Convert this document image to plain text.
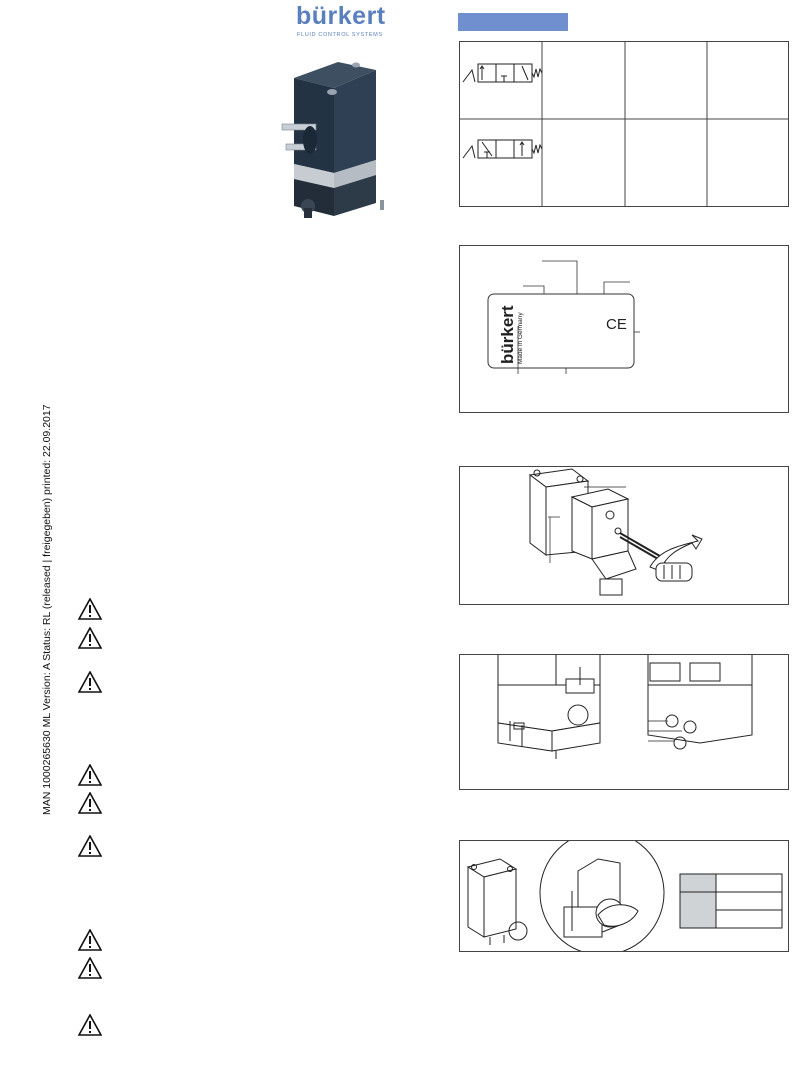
bürkert
FLUID CONTROL SYSTEMS
bürkert Made in Germany	CE
MAN 1000265630 ML Version: A Status: RL (released | freigegeben) printed: 22.09.2017
